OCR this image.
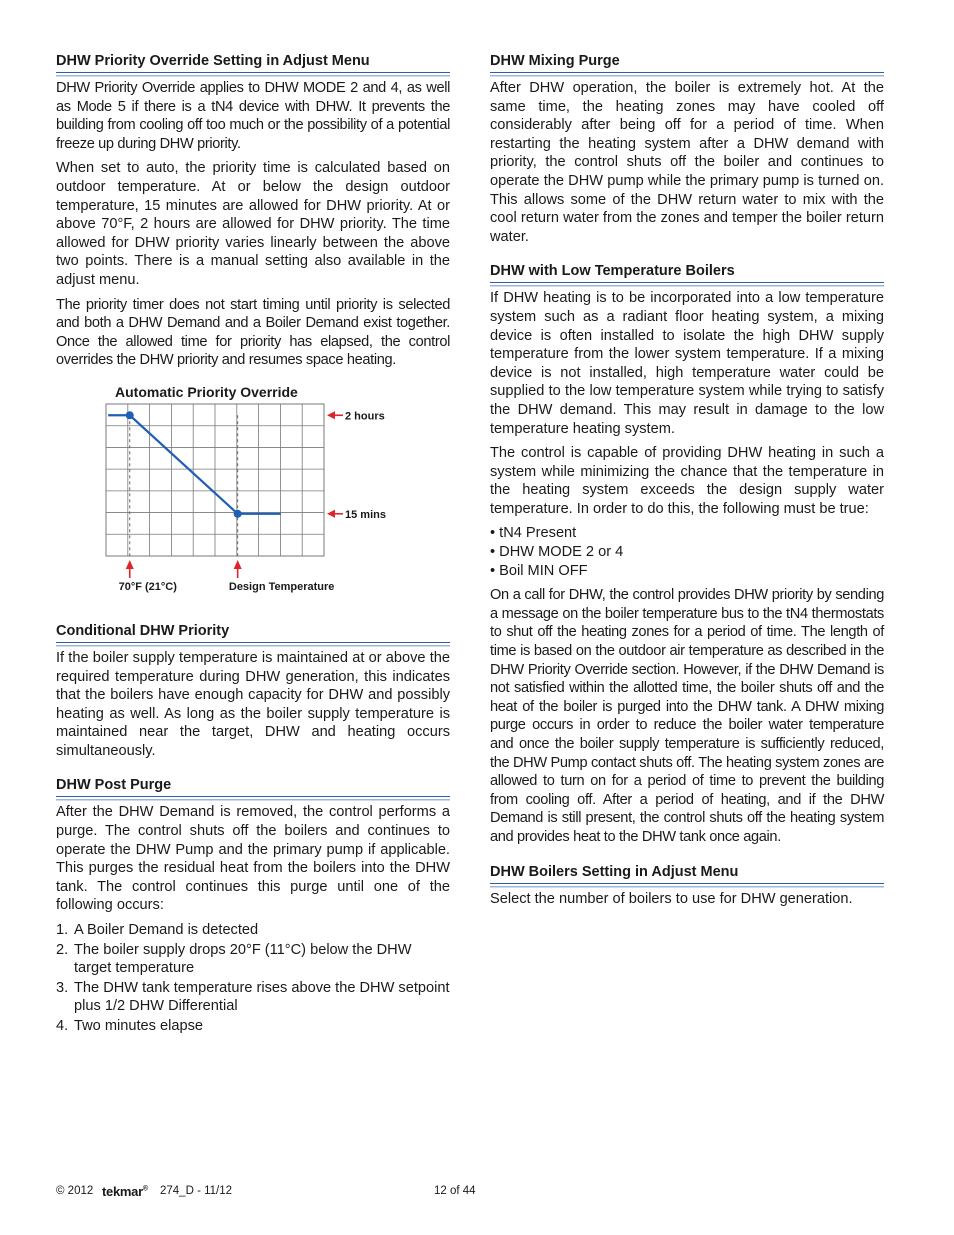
DHW Priority Override Setting in Adjust Menu

DHW Priority Override applies to DHW MODE 2 and 4, as well as Mode 5 if there is a tN4 device with DHW. It prevents the building from cooling off too much or the possibility of a potential freeze up during DHW priority.

When set to auto, the priority time is calculated based on outdoor temperature. At or below the design outdoor temperature, 15 minutes are allowed for DHW priority. At or above 70°F, 2 hours are allowed for DHW priority. The time allowed for DHW priority varies linearly between the above two points. There is a manual setting also available in the adjust menu.

The priority timer does not start timing until priority is selected and both a DHW Demand and a Boiler Demand exist together. Once the allowed time for priority has elapsed, the control overrides the DHW priority and resumes space heating.

Automatic Priority Override
2 hours
15 mins
70°F (21°C)	Design Temperature
Conditional DHW Priority

If the boiler supply temperature is maintained at or above the required temperature during DHW generation, this indicates that the boilers have enough capacity for DHW and possibly heating as well. As long as the boiler supply temperature is maintained near the target, DHW and heating occurs simultaneously.

DHW Post Purge

After the DHW Demand is removed, the control performs a purge. The control shuts off the boilers and continues to operate the DHW Pump and the primary pump if applicable. This purges the residual heat from the boilers into the DHW tank. The control continues this purge until one of the following occurs:

1. A Boiler Demand is detected
2. The boiler supply drops 20°F (11°C) below the DHW target temperature
3. The DHW tank temperature rises above the DHW setpoint plus 1/2 DHW Differential
4. Two minutes elapse
DHW Mixing Purge

After DHW operation, the boiler is extremely hot. At the same time, the heating zones may have cooled off considerably after being off for a period of time. When restarting the heating system after a DHW demand with priority, the control shuts off the boiler and continues to operate the DHW pump while the primary pump is turned on. This allows some of the DHW return water to mix with the cool return water from the zones and temper the boiler return water.

DHW with Low Temperature Boilers

If DHW heating is to be incorporated into a low temperature system such as a radiant floor heating system, a mixing device is often installed to isolate the high DHW supply temperature from the lower system temperature. If a mixing device is not installed, high temperature water could be supplied to the low temperature system while trying to satisfy the DHW demand. This may result in damage to the low temperature heating system.

The control is capable of providing DHW heating in such a system while minimizing the chance that the temperature in the heating system exceeds the design supply water temperature. In order to do this, the following must be true:

• tN4 Present
• DHW MODE 2 or 4
• Boil MIN OFF

On a call for DHW, the control provides DHW priority by sending a message on the boiler temperature bus to the tN4 thermostats to shut off the heating zones for a period of time. The length of time is based on the outdoor air temperature as described in the DHW Priority Override section. However, if the DHW Demand is not satisfied within the allotted time, the boiler shuts off and the heat of the boiler is purged into the DHW tank. A DHW mixing purge occurs in order to reduce the boiler water temperature and once the boiler supply temperature is sufficiently reduced, the DHW Pump contact shuts off. The heating system zones are allowed to turn on for a period of time to prevent the building from cooling off. After a period of heating, and if the DHW Demand is still present, the control shuts off the heating system and provides heat to the DHW tank once again.

DHW Boilers Setting in Adjust Menu

Select the number of boilers to use for DHW generation.

© 2012 tekmar® 274_D - 11/12	12 of 44
